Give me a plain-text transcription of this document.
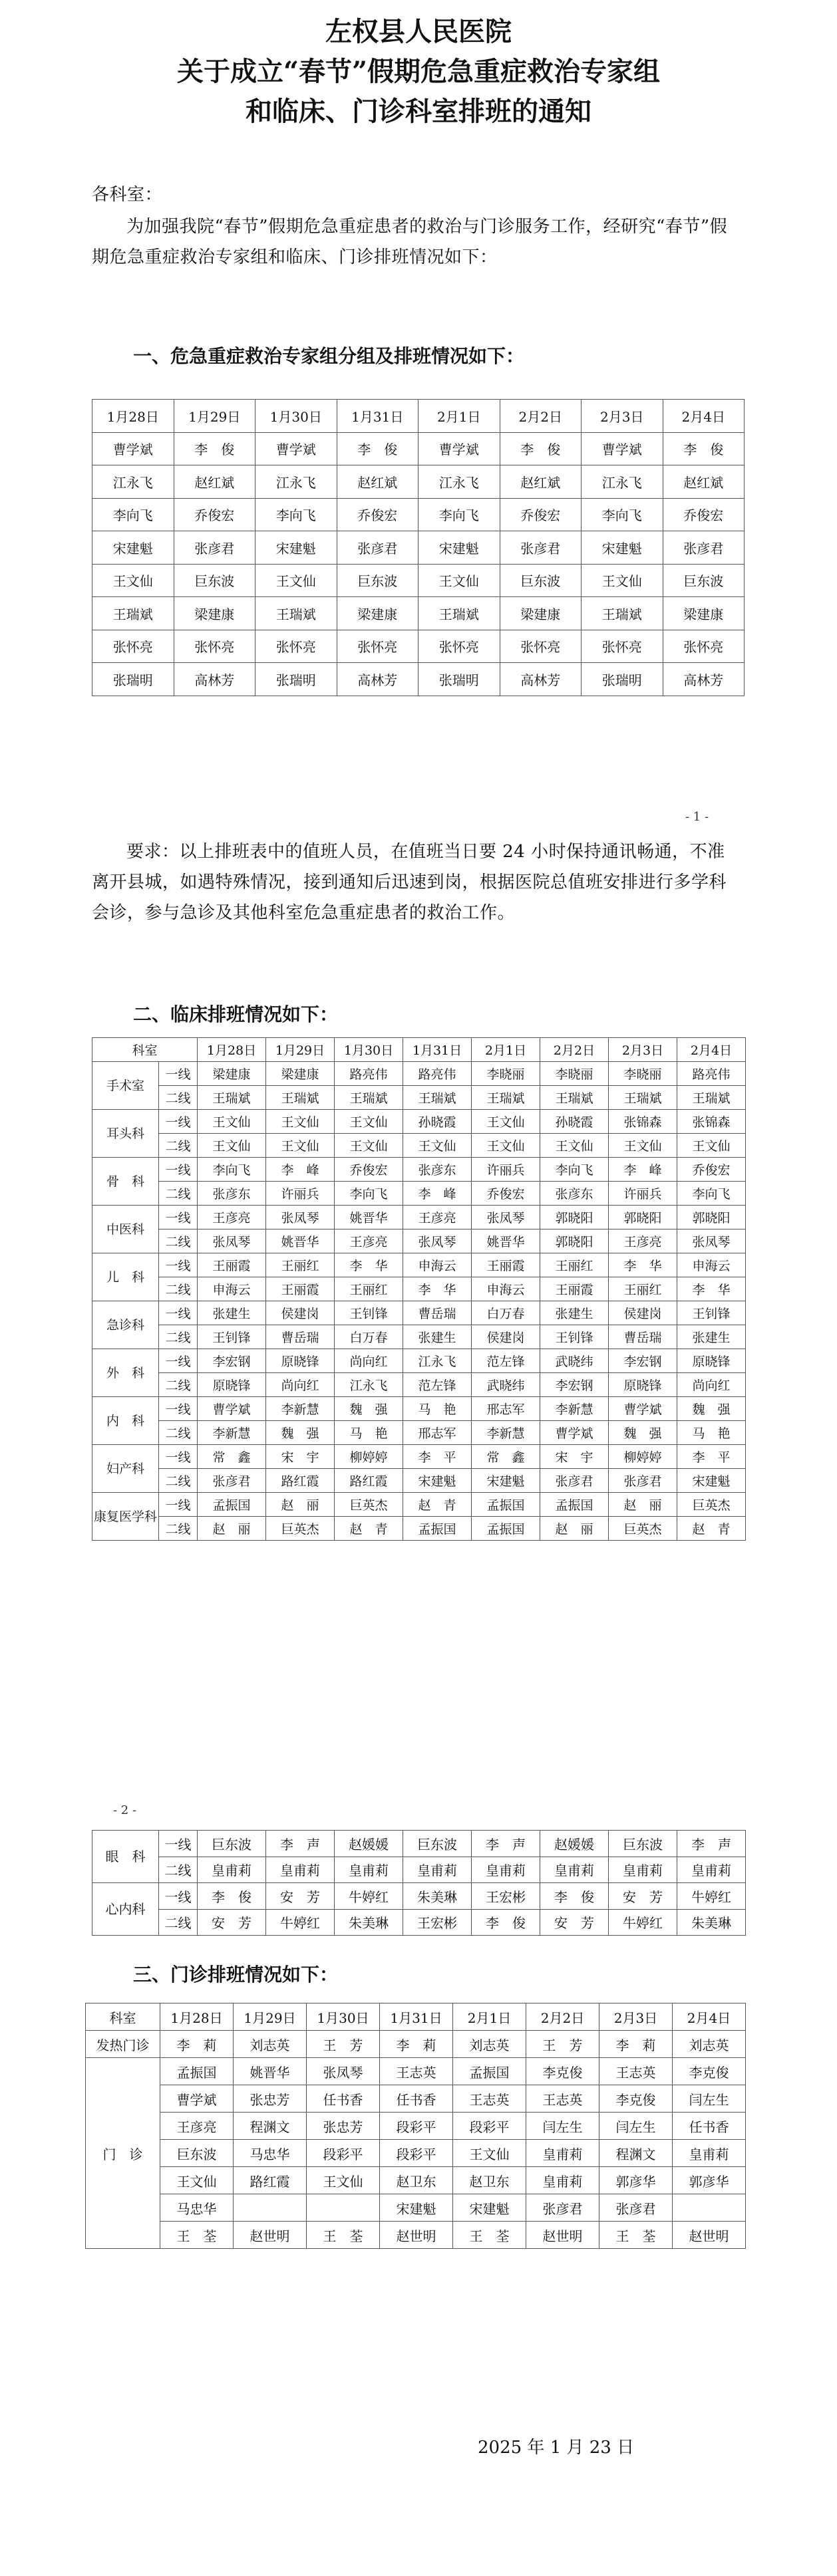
左权县人民医院
关于成立“春节”假期危急重症救治专家组
和临床、门诊科室排班的通知

各科室：

为加强我院“春节”假期危急重症患者的救治与门诊服务工作，经研究“春节”假期危急重症救治专家组和临床、门诊排班情况如下：

一、危急重症救治专家组分组及排班情况如下：

1月28日	1月29日	1月30日	1月31日	2月1日	2月2日	2月3日	2月4日
曹学斌	李　俊	曹学斌	李　俊	曹学斌	李　俊	曹学斌	李　俊
江永飞	赵红斌	江永飞	赵红斌	江永飞	赵红斌	江永飞	赵红斌
李向飞	乔俊宏	李向飞	乔俊宏	李向飞	乔俊宏	李向飞	乔俊宏
宋建魁	张彦君	宋建魁	张彦君	宋建魁	张彦君	宋建魁	张彦君
王文仙	巨东波	王文仙	巨东波	王文仙	巨东波	王文仙	巨东波
王瑞斌	梁建康	王瑞斌	梁建康	王瑞斌	梁建康	王瑞斌	梁建康
张怀亮	张怀亮	张怀亮	张怀亮	张怀亮	张怀亮	张怀亮	张怀亮
张瑞明	高林芳	张瑞明	高林芳	张瑞明	高林芳	张瑞明	高林芳

- 1 -

要求：以上排班表中的值班人员，在值班当日要 24 小时保持通讯畅通，不准离开县城，如遇特殊情况，接到通知后迅速到岗，根据医院总值班安排进行多学科会诊，参与急诊及其他科室危急重症患者的救治工作。

二、临床排班情况如下：

科室		1月28日	1月29日	1月30日	1月31日	2月1日	2月2日	2月3日	2月4日
手术室	一线	梁建康	梁建康	路亮伟	路亮伟	李晓丽	李晓丽	李晓丽	路亮伟
	二线	王瑞斌	王瑞斌	王瑞斌	王瑞斌	王瑞斌	王瑞斌	王瑞斌	王瑞斌
耳头科	一线	王文仙	王文仙	王文仙	孙晓霞	王文仙	孙晓霞	张锦森	张锦森
	二线	王文仙	王文仙	王文仙	王文仙	王文仙	王文仙	王文仙	王文仙
骨　科	一线	李向飞	李　峰	乔俊宏	张彦东	许丽兵	李向飞	李　峰	乔俊宏
	二线	张彦东	许丽兵	李向飞	李　峰	乔俊宏	张彦东	许丽兵	李向飞
中医科	一线	王彦亮	张凤琴	姚晋华	王彦亮	张凤琴	郭晓阳	郭晓阳	郭晓阳
	二线	张凤琴	姚晋华	王彦亮	张凤琴	姚晋华	郭晓阳	王彦亮	张凤琴
儿　科	一线	王丽霞	王丽红	李　华	申海云	王丽霞	王丽红	李　华	申海云
	二线	申海云	王丽霞	王丽红	李　华	申海云	王丽霞	王丽红	李　华
急诊科	一线	张建生	侯建岗	王钊锋	曹岳瑞	白万春	张建生	侯建岗	王钊锋
	二线	王钊锋	曹岳瑞	白万春	张建生	侯建岗	王钊锋	曹岳瑞	张建生
外　科	一线	李宏钢	原晓锋	尚向红	江永飞	范左锋	武晓纬	李宏钢	原晓锋
	二线	原晓锋	尚向红	江永飞	范左锋	武晓纬	李宏钢	原晓锋	尚向红
内　科	一线	曹学斌	李新慧	魏　强	马　艳	邢志军	李新慧	曹学斌	魏　强
	二线	李新慧	魏　强	马　艳	邢志军	李新慧	曹学斌	魏　强	马　艳
妇产科	一线	常　鑫	宋　宇	柳婷婷	李　平	常　鑫	宋　宇	柳婷婷	李　平
	二线	张彦君	路红霞	路红霞	宋建魁	宋建魁	张彦君	张彦君	宋建魁
康复医学科	一线	孟振国	赵　丽	巨英杰	赵　青	孟振国	孟振国	赵　丽	巨英杰
	二线	赵　丽	巨英杰	赵　青	孟振国	孟振国	赵　丽	巨英杰	赵　青

- 2 -

眼　科	一线	巨东波	李　声	赵媛媛	巨东波	李　声	赵媛媛	巨东波	李　声
	二线	皇甫莉	皇甫莉	皇甫莉	皇甫莉	皇甫莉	皇甫莉	皇甫莉	皇甫莉
心内科	一线	李　俊	安　芳	牛婷红	朱美琳	王宏彬	李　俊	安　芳	牛婷红
	二线	安　芳	牛婷红	朱美琳	王宏彬	李　俊	安　芳	牛婷红	朱美琳

三、门诊排班情况如下：

科室	1月28日	1月29日	1月30日	1月31日	2月1日	2月2日	2月3日	2月4日
发热门诊	李　莉	刘志英	王　芳	李　莉	刘志英	王　芳	李　莉	刘志英
门　诊	孟振国	姚晋华	张凤琴	王志英	孟振国	李克俊	王志英	李克俊
	曹学斌	张忠芳	任书香	任书香	王志英	王志英	李克俊	闫左生
	王彦亮	程渊文	张忠芳	段彩平	段彩平	闫左生	闫左生	任书香
	巨东波	马忠华	段彩平	段彩平	王文仙	皇甫莉	程渊文	皇甫莉
	王文仙	路红霞	王文仙	赵卫东	赵卫东	皇甫莉	郭彦华	郭彦华
	马忠华			宋建魁	宋建魁	张彦君	张彦君	
	王　荃	赵世明	王　荃	赵世明	王　荃	赵世明	王　荃	赵世明

2025 年 1 月 23 日
